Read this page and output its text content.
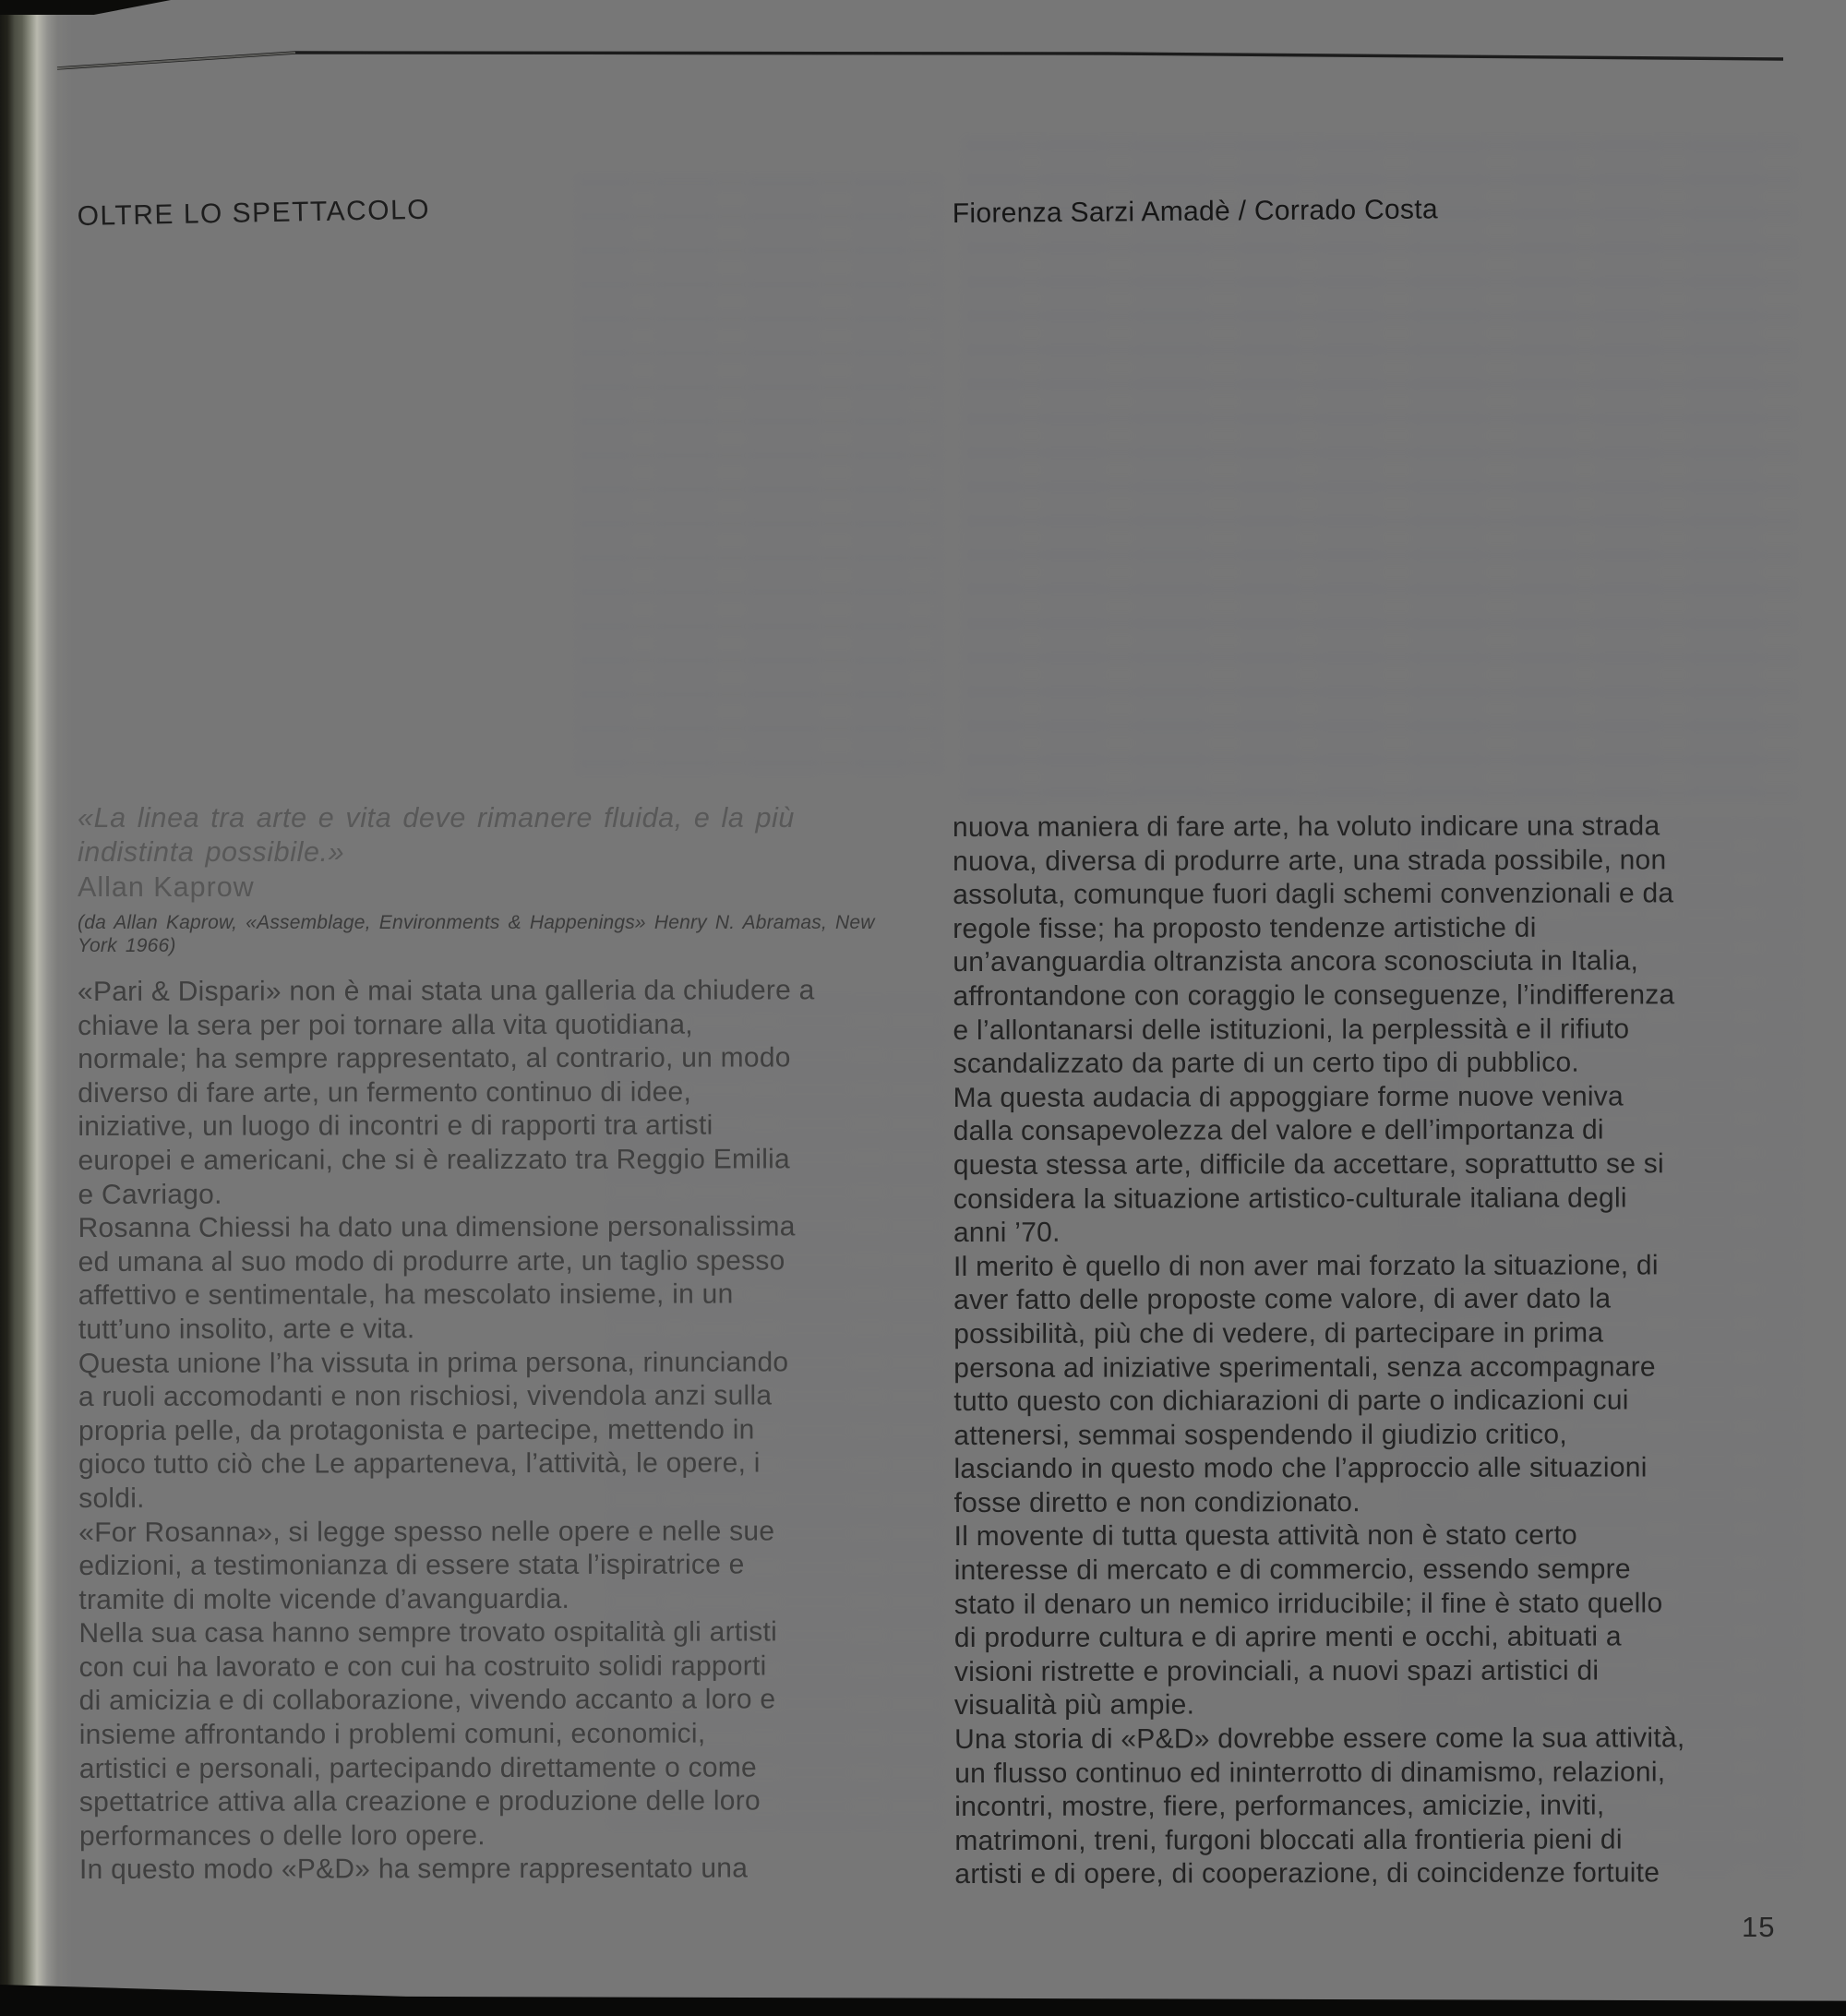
OLTRE LO SPETTACOLO	Fiorenza Sarzi Amadè / Corrado Costa
«La linea tra arte e vita deve rimanere fluida, e la più
indistinta possibile.»
Allan Kaprow
(da Allan Kaprow, «Assemblage, Environments & Happenings» Henry N. Abramas, New
York 1966)
«Pari & Dispari» non è mai stata una galleria da chiudere a
chiave la sera per poi tornare alla vita quotidiana,
normale; ha sempre rappresentato, al contrario, un modo
diverso di fare arte, un fermento continuo di idee,
iniziative, un luogo di incontri e di rapporti tra artisti
europei e americani, che si è realizzato tra Reggio Emilia
e Cavriago.
Rosanna Chiessi ha dato una dimensione personalissima
ed umana al suo modo di produrre arte, un taglio spesso
affettivo e sentimentale, ha mescolato insieme, in un
tutt’uno insolito, arte e vita.
Questa unione l’ha vissuta in prima persona, rinunciando
a ruoli accomodanti e non rischiosi, vivendola anzi sulla
propria pelle, da protagonista e partecipe, mettendo in
gioco tutto ciò che Le apparteneva, l’attività, le opere, i
soldi.
«For Rosanna», si legge spesso nelle opere e nelle sue
edizioni, a testimonianza di essere stata l’ispiratrice e
tramite di molte vicende d’avanguardia.
Nella sua casa hanno sempre trovato ospitalità gli artisti
con cui ha lavorato e con cui ha costruito solidi rapporti
di amicizia e di collaborazione, vivendo accanto a loro e
insieme affrontando i problemi comuni, economici,
artistici e personali, partecipando direttamente o come
spettatrice attiva alla creazione e produzione delle loro
performances o delle loro opere.
In questo modo «P&D» ha sempre rappresentato una
nuova maniera di fare arte, ha voluto indicare una strada
nuova, diversa di produrre arte, una strada possibile, non
assoluta, comunque fuori dagli schemi convenzionali e da
regole fisse; ha proposto tendenze artistiche di
un’avanguardia oltranzista ancora sconosciuta in Italia,
affrontandone con coraggio le conseguenze, l’indifferenza
e l’allontanarsi delle istituzioni, la perplessità e il rifiuto
scandalizzato da parte di un certo tipo di pubblico.
Ma questa audacia di appoggiare forme nuove veniva
dalla consapevolezza del valore e dell’importanza di
questa stessa arte, difficile da accettare, soprattutto se si
considera la situazione artistico-culturale italiana degli
anni ’70.
Il merito è quello di non aver mai forzato la situazione, di
aver fatto delle proposte come valore, di aver dato la
possibilità, più che di vedere, di partecipare in prima
persona ad iniziative sperimentali, senza accompagnare
tutto questo con dichiarazioni di parte o indicazioni cui
attenersi, semmai sospendendo il giudizio critico,
lasciando in questo modo che l’approccio alle situazioni
fosse diretto e non condizionato.
Il movente di tutta questa attività non è stato certo
interesse di mercato e di commercio, essendo sempre
stato il denaro un nemico irriducibile; il fine è stato quello
di produrre cultura e di aprire menti e occhi, abituati a
visioni ristrette e provinciali, a nuovi spazi artistici di
visualità più ampie.
Una storia di «P&D» dovrebbe essere come la sua attività,
un flusso continuo ed ininterrotto di dinamismo, relazioni,
incontri, mostre, fiere, performances, amicizie, inviti,
matrimoni, treni, furgoni bloccati alla frontieria pieni di
artisti e di opere, di cooperazione, di coincidenze fortuite
15
